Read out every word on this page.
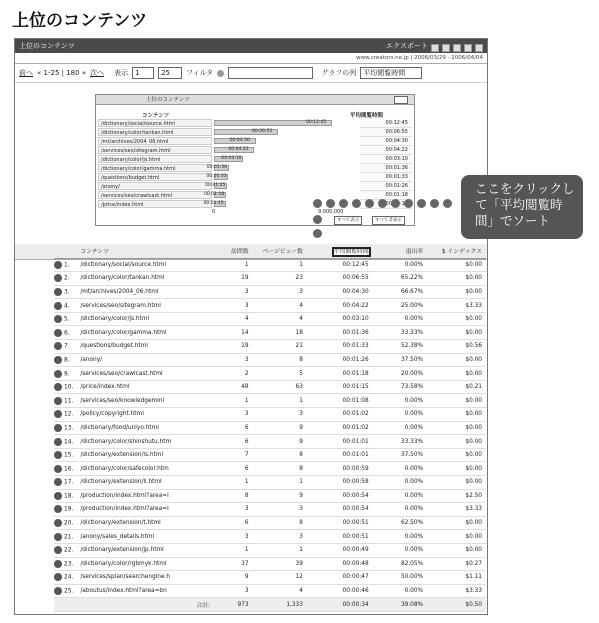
上位のコンテンツ
上位のコンテンツ	エクスポート
www.creators.ne.jp | 2006/03/29 - 2006/04/04
前へ « 1-25 | 180 » 次へ 表示	1	25	フィルタ	グラフの列	平均閲覧時間
上位のコンテンツ
コンテンツ	平均閲覧時間
/dictionary/social/source.html	00:12:45	00:12:45
/dictionary/color/tankan.html	00:06:55	00:06:55
/mt/archives/2004_06.html	00:04:30	00:04:30
/services/seo/sitegram.html	00:04:22	00:04:22
/dictionary/color/js.html	00:03:10	00:03:10
/dictionary/color/gamma.html	00:01:36	00:01:36
/questions/budget.html	00:01:33	00:01:33
/anony/	00:01:25	00:01:26
/services/seo/crawlcast.html	00:01:18	00:01:18
/price/index.html	00:01:15
0	9,000,000
すべて表示	すべて非表示
	コンテンツ	訪問数	ページビュー数	平均閲覧時間	退出率	$ インデックス
1.	/dictionary/social/source.html	1	1	00:12:45	0.00%	$0.00
2.	/dictionary/color/tankan.html	19	23	00:06:55	65.22%	$0.00
3.	/mt/archives/2004_06.html	3	3	00:04:30	66.67%	$0.00
4.	/services/seo/sitegram.html	3	4	00:04:22	25.00%	$3.33
5.	/dictionary/color/js.html	4	4	00:03:10	0.00%	$0.00
6.	/dictionary/color/gamma.html	14	18	00:01:36	33.33%	$0.00
7.	/questions/budget.html	19	21	00:01:33	52.38%	$0.56
8.	/anony/	3	8	00:01:26	37.50%	$0.00
9.	/services/seo/crawlcast.html	2	5	00:01:18	20.00%	$0.00
10.	/price/index.html	48	63	00:01:15	73.58%	$0.21
11.	/services/seo/knowledgemini	1	1	00:01:08	0.00%	$0.00
12.	/policy/copyright.html	3	3	00:01:02	0.00%	$0.00
13.	/dictionary/food/uniyo.html	6	9	00:01:02	0.00%	$0.00
14.	/dictionary/color/shinshutu.htm	6	9	00:01:01	33.33%	$0.00
15.	/dictionary/extension/is.html	7	8	00:01:01	37.50%	$0.00
16.	/dictionary/color/safecolor.htm	6	8	00:00:59	0.00%	$0.00
17.	/dictionary/extension/li.html	1	1	00:00:58	0.00%	$0.00
18.	/production/index.html?area=l	8	9	00:00:54	0.00%	$2.50
19.	/production/index.html?area=l	3	3	00:00:54	0.00%	$3.33
20.	/dictionary/extension/t.html	6	8	00:00:51	62.50%	$0.00
21.	/anony/sales_details.html	3	3	00:00:51	0.00%	$0.00
22.	/dictionary/extension/jp.html	1	1	00:00:49	0.00%	$0.00
23.	/dictionary/color/rgbmyk.html	37	39	00:00:48	82.05%	$0.27
24.	/services/splan/searchengine.h	9	12	00:00:47	50.00%	$1.11
25.	/aboutus/index.html?area=bn	3	4	00:00:46	0.00%	$3.33
合計:		973	1,333	00:00:34	39.08%	$0.50
ここをクリックして「平均閲覧時間」でソート
